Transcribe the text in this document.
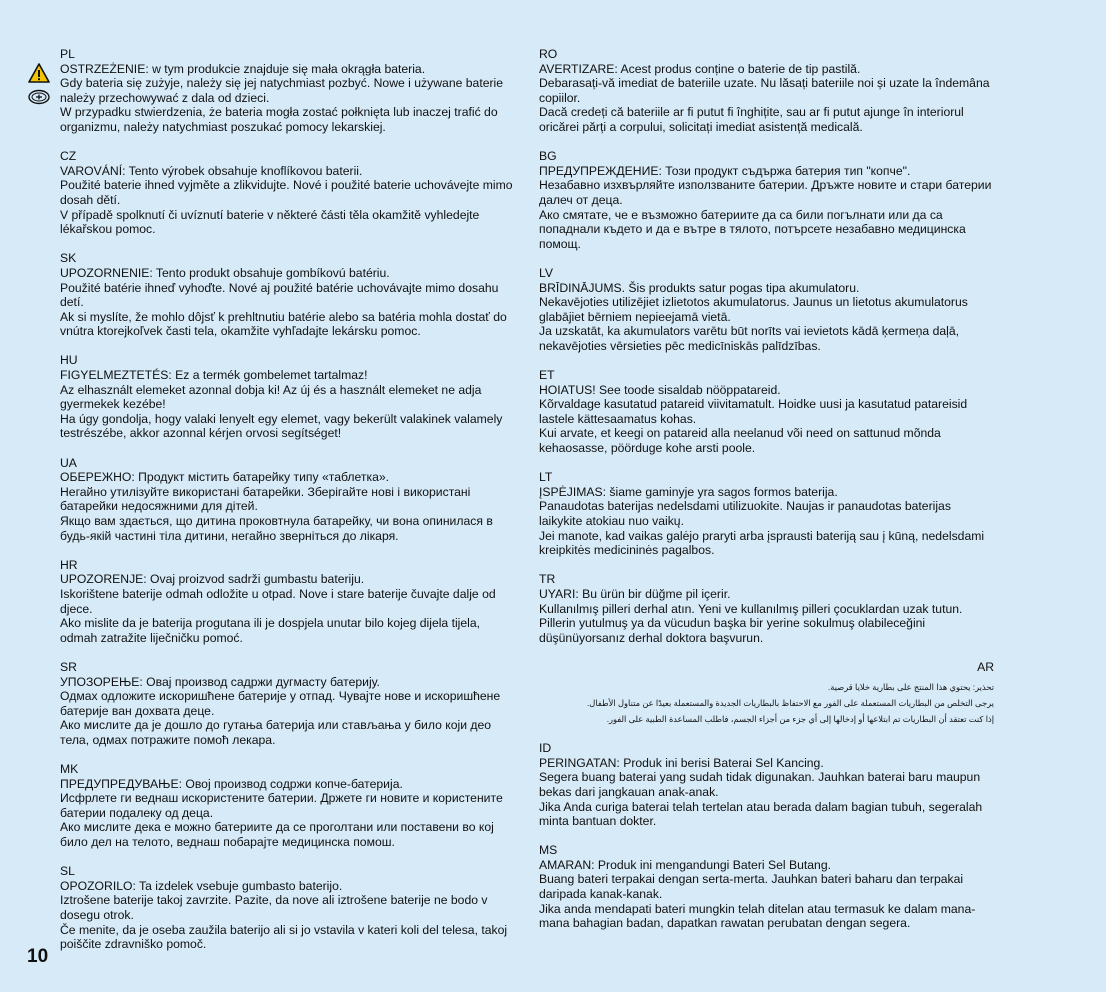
PL
OSTRZEŻENIE: w tym produkcie znajduje się mała okrągła bateria.
Gdy bateria się zużyje, należy się jej natychmiast pozbyć. Nowe i używane baterie należy przechowywać z dala od dzieci.
W przypadku stwierdzenia, że bateria mogła zostać połknięta lub inaczej trafić do organizmu, należy natychmiast poszukać pomocy lekarskiej.
CZ
VAROVÁNÍ: Tento výrobek obsahuje knoflíkovou baterii.
Použité baterie ihned vyjměte a zlikvidujte. Nové i použité baterie uchovávejte mimo dosah dětí.
V případě spolknutí či uvíznutí baterie v některé části těla okamžitě vyhledejte lékařskou pomoc.
SK
UPOZORNENIE: Tento produkt obsahuje gombíkovú batériu.
Použité batérie ihneď vyhoďte. Nové aj použité batérie uchovávajte mimo dosahu detí.
Ak si myslíte, že mohlo dôjsť k prehltnutiu batérie alebo sa batéria mohla dostať do vnútra ktorejkoľvek časti tela, okamžite vyhľadajte lekársku pomoc.
HU
FIGYELMEZTETÉS: Ez a termék gombelemet tartalmaz!
Az elhasznált elemeket azonnal dobja ki! Az új és a használt elemeket ne adja gyermekek kezébe!
Ha úgy gondolja, hogy valaki lenyelt egy elemet, vagy bekerült valakinek valamely testrészébe, akkor azonnal kérjen orvosi segítséget!
UA
ОБЕРЕЖНО: Продукт містить батарейку типу «таблетка».
Негайно утилізуйте використані батарейки. Зберігайте нові і використані батарейки недосяжними для дітей.
Якщо вам здається, що дитина проковтнула батарейку, чи вона опинилася в будь-якій частині тіла дитини, негайно зверніться до лікаря.
HR
UPOZORENJE: Ovaj proizvod sadrži gumbastu bateriju.
Iskorištene baterije odmah odložite u otpad. Nove i stare baterije čuvajte dalje od djece.
Ako mislite da je baterija progutana ili je dospjela unutar bilo kojeg dijela tijela, odmah zatražite liječničku pomoć.
SR
УПОЗОРЕЊЕ: Овај производ садржи дугмасту батерију.
Одмах одложите искоришћене батерије у отпад. Чувајте нове и искоришћене батерије ван дохвата деце.
Ако мислите да је дошло до гутања батерија или стављања у било који део тела, одмах потражите помоћ лекара.
MK
ПРЕДУПРЕДУВАЊЕ: Овој производ содржи копче-батерија.
Исфрлете ги веднаш искористените батерии. Држете ги новите и користените батерии подалеку од деца.
Ако мислите дека е можно батериите да се проголтани или поставени во кој било дел на телото, веднаш побарајте медицинска помош.
SL
OPOZORILO: Ta izdelek vsebuje gumbasto baterijo.
Iztrošene baterije takoj zavrzite. Pazite, da nove ali iztrošene baterije ne bodo v dosegu otrok.
Če menite, da je oseba zaužila baterijo ali si jo vstavila v kateri koli del telesa, takoj poiščite zdravniško pomoč.
RO
AVERTIZARE: Acest produs conține o baterie de tip pastilă.
Debarasați-vă imediat de bateriile uzate. Nu lăsați bateriile noi și uzate la îndemâna copiilor.
Dacă credeți că bateriile ar fi putut fi înghițite, sau ar fi putut ajunge în interiorul oricărei părți a corpului, solicitați imediat asistență medicală.
BG
ПРЕДУПРЕЖДЕНИЕ: Този продукт съдържа батерия тип "копче".
Незабавно изхвърляйте използваните батерии. Дръжте новите и стари батерии далеч от деца.
Ако смятате, че е възможно батериите да са били погълнати или да са попаднали където и да е вътре в тялото, потърсете незабавно медицинска помощ.
LV
BRĪDINĀJUMS. Šis produkts satur pogas tipa akumulatoru.
Nekavējoties utilizējiet izlietotos akumulatorus. Jaunus un lietotus akumulatorus glabājiet bērniem nepieejamā vietā.
Ja uzskatāt, ka akumulators varētu būt norīts vai ievietots kādā ķermeņa daļā, nekavējoties vērsieties pēc medicīniskās palīdzības.
ET
HOIATUS! See toode sisaldab nööppatareid.
Kõrvaldage kasutatud patareid viivitamatult. Hoidke uusi ja kasutatud patareisid lastele kättesaamatus kohas.
Kui arvate, et keegi on patareid alla neelanud või need on sattunud mõnda kehaosasse, pöörduge kohe arsti poole.
LT
ĮSPĖJIMAS: šiame gaminyje yra sagos formos baterija.
Panaudotas baterijas nedelsdami utilizuokite. Naujas ir panaudotas baterijas laikykite atokiau nuo vaikų.
Jei manote, kad vaikas galėjo praryti arba įsprausti bateriją sau į kūną, nedelsdami kreipkitės medicininės pagalbos.
TR
UYARI: Bu ürün bir düğme pil içerir.
Kullanılmış pilleri derhal atın. Yeni ve kullanılmış pilleri çocuklardan uzak tutun.
Pillerin yutulmuş ya da vücudun başka bir yerine sokulmuş olabileceğini düşünüyorsanız derhal doktora başvurun.
AR
تحذير: يحتوي هذا المنتج على بطارية خلايا قرصية.
يرجى التخلص من البطاريات المستعملة على الفور مع الاحتفاظ بالبطاريات الجديدة والمستعملة بعيدًا عن متناول الأطفال.
إذا كنت تعتقد أن البطاريات تم ابتلاعها أو إدخالها إلى أي جزء من أجزاء الجسم، فاطلب المساعدة الطبية على الفور.
ID
PERINGATAN: Produk ini berisi Baterai Sel Kancing.
Segera buang baterai yang sudah tidak digunakan. Jauhkan baterai baru maupun bekas dari jangkauan anak-anak.
Jika Anda curiga baterai telah tertelan atau berada dalam bagian tubuh, segeralah minta bantuan dokter.
MS
AMARAN: Produk ini mengandungi Bateri Sel Butang.
Buang bateri terpakai dengan serta-merta. Jauhkan bateri baharu dan terpakai daripada kanak-kanak.
Jika anda mendapati bateri mungkin telah ditelan atau termasuk ke dalam mana-mana bahagian badan, dapatkan rawatan perubatan dengan segera.
10
